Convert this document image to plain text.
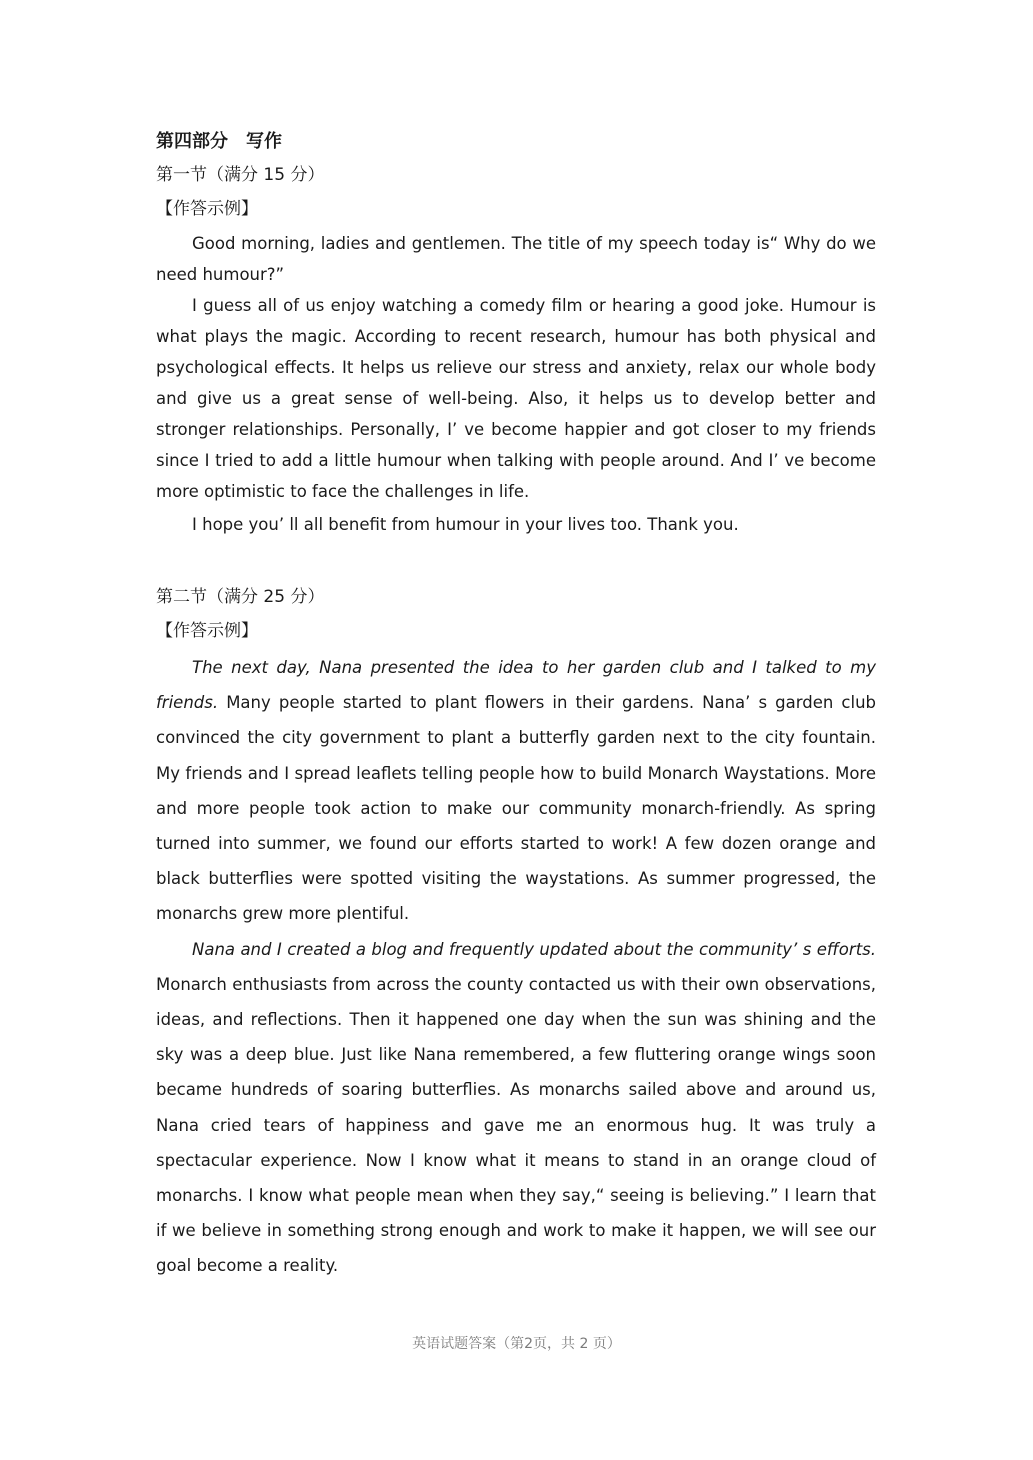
第四部分　写作
第一节（满分 15 分）
【作答示例】

Good morning, ladies and gentlemen. The title of my speech today is“ Why do we need humour?”

I guess all of us enjoy watching a comedy film or hearing a good joke. Humour is what plays the magic. According to recent research, humour has both physical and psychological effects. It helps us relieve our stress and anxiety, relax our whole body and give us a great sense of well-being. Also, it helps us to develop better and stronger relationships. Personally, I’ ve become happier and got closer to my friends since I tried to add a little humour when talking with people around. And I’ ve become more optimistic to face the challenges in life.

I hope you’ ll all benefit from humour in your lives too. Thank you.

第二节（满分 25 分）
【作答示例】

The next day, Nana presented the idea to her garden club and I talked to my friends. Many people started to plant flowers in their gardens. Nana’ s garden club convinced the city government to plant a butterfly garden next to the city fountain. My friends and I spread leaflets telling people how to build Monarch Waystations. More and more people took action to make our community monarch-friendly. As spring turned into summer, we found our efforts started to work! A few dozen orange and black butterflies were spotted visiting the waystations. As summer progressed, the monarchs grew more plentiful.

Nana and I created a blog and frequently updated about the community’ s efforts. Monarch enthusiasts from across the county contacted us with their own observations, ideas, and reflections. Then it happened one day when the sun was shining and the sky was a deep blue. Just like Nana remembered, a few fluttering orange wings soon became hundreds of soaring butterflies. As monarchs sailed above and around us, Nana cried tears of happiness and gave me an enormous hug. It was truly a spectacular experience. Now I know what it means to stand in an orange cloud of monarchs. I know what people mean when they say,“ seeing is believing.” I learn that if we believe in something strong enough and work to make it happen, we will see our goal become a reality.

英语试题答案（第2页，共 2 页）
